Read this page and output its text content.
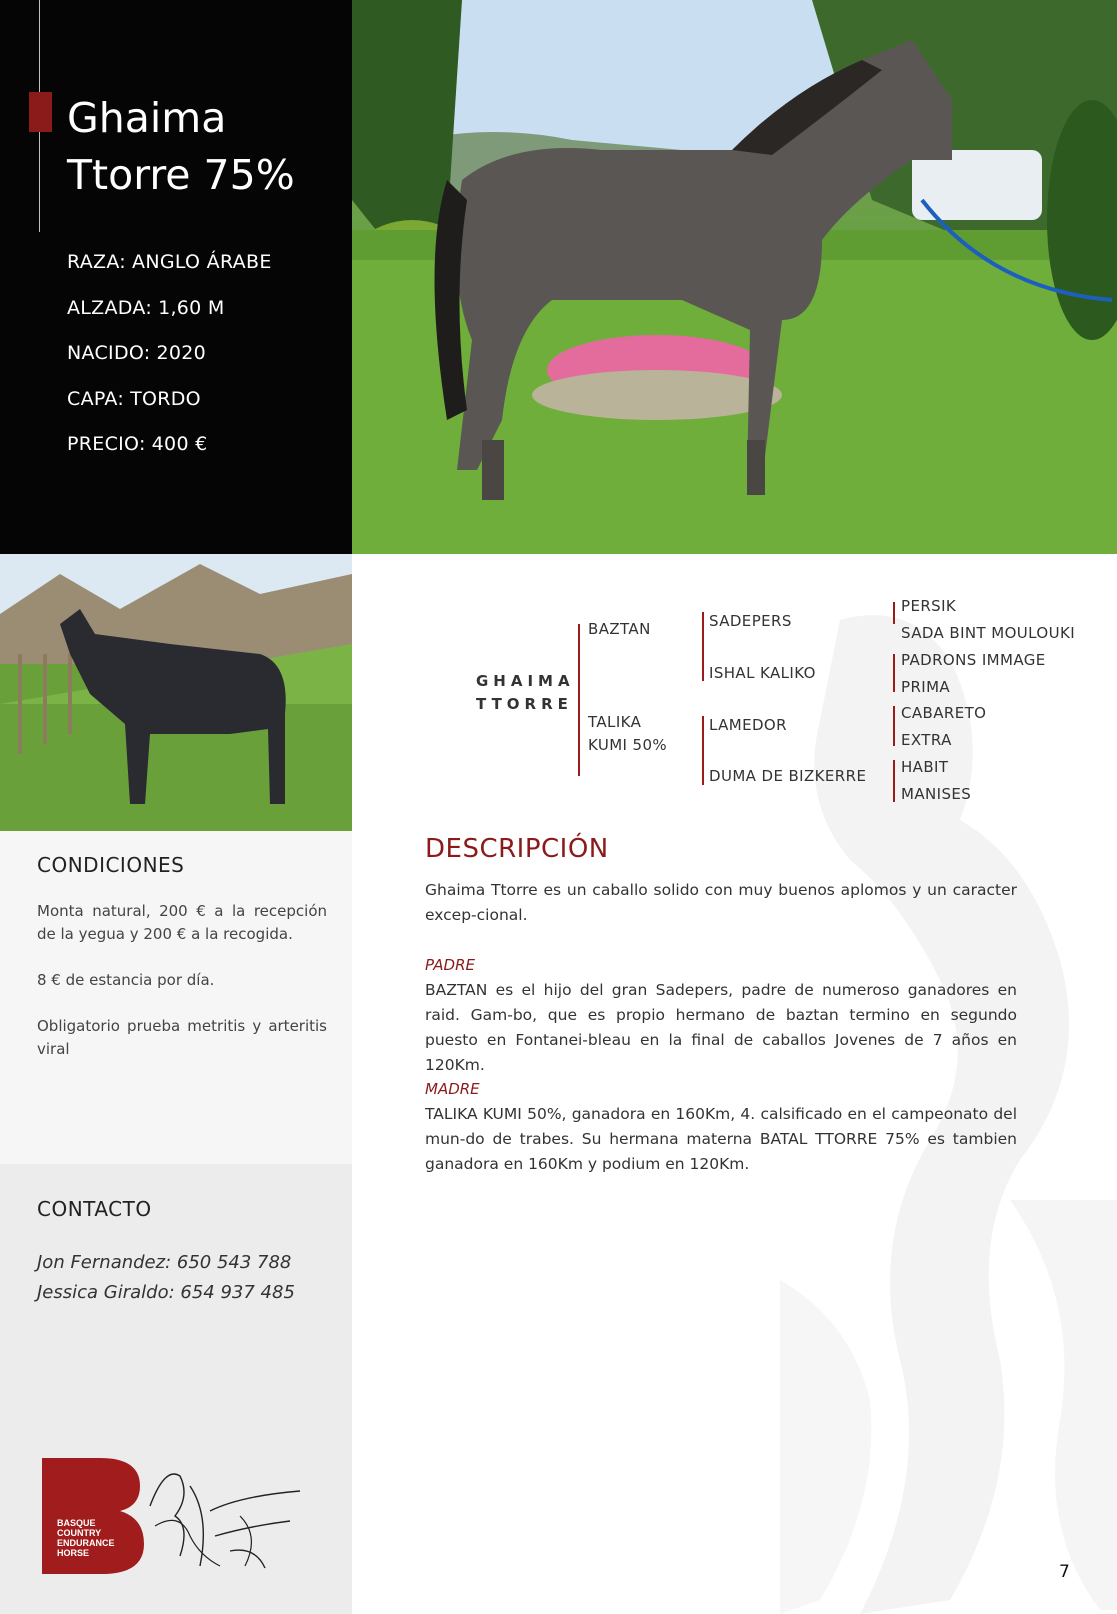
Ghaima
Ttorre 75%
RAZA: ANGLO ÁRABE
ALZADA: 1,60 M
NACIDO: 2020
CAPA: TORDO
PRECIO: 400 €
CONDICIONES
Monta natural, 200 € a la recepción de la yegua y 200 € a la recogida.
8 € de estancia por día.
Obligatorio prueba metritis y arteritis viral
CONTACTO
Jon Fernandez: 650 543 788
Jessica Giraldo: 654 937 485
BASQUE
COUNTRY
ENDURANCE
HORSE
GHAIMA
TTORRE
BAZTAN
TALIKA
KUMI 50%
SADEPERS
ISHAL KALIKO
LAMEDOR
DUMA DE BIZKERRE
PERSIK
SADA BINT MOULOUKI
PADRONS IMMAGE
PRIMA
CABARETO
EXTRA
HABIT
MANISES
DESCRIPCIÓN
Ghaima Ttorre es un caballo solido con muy buenos aplomos y un caracter excep-cional.
PADRE
BAZTAN es el hijo del gran Sadepers, padre de numeroso ganadores en raid. Gam-bo, que es propio hermano de baztan termino en segundo puesto en Fontanei-bleau en la final de caballos Jovenes de 7 años en 120Km.
MADRE
TALIKA KUMI 50%, ganadora en 160Km, 4. calsificado en el campeonato del mun-do de trabes. Su hermana materna BATAL TTORRE 75% es tambien ganadora en 160Km y podium en 120Km.
7
